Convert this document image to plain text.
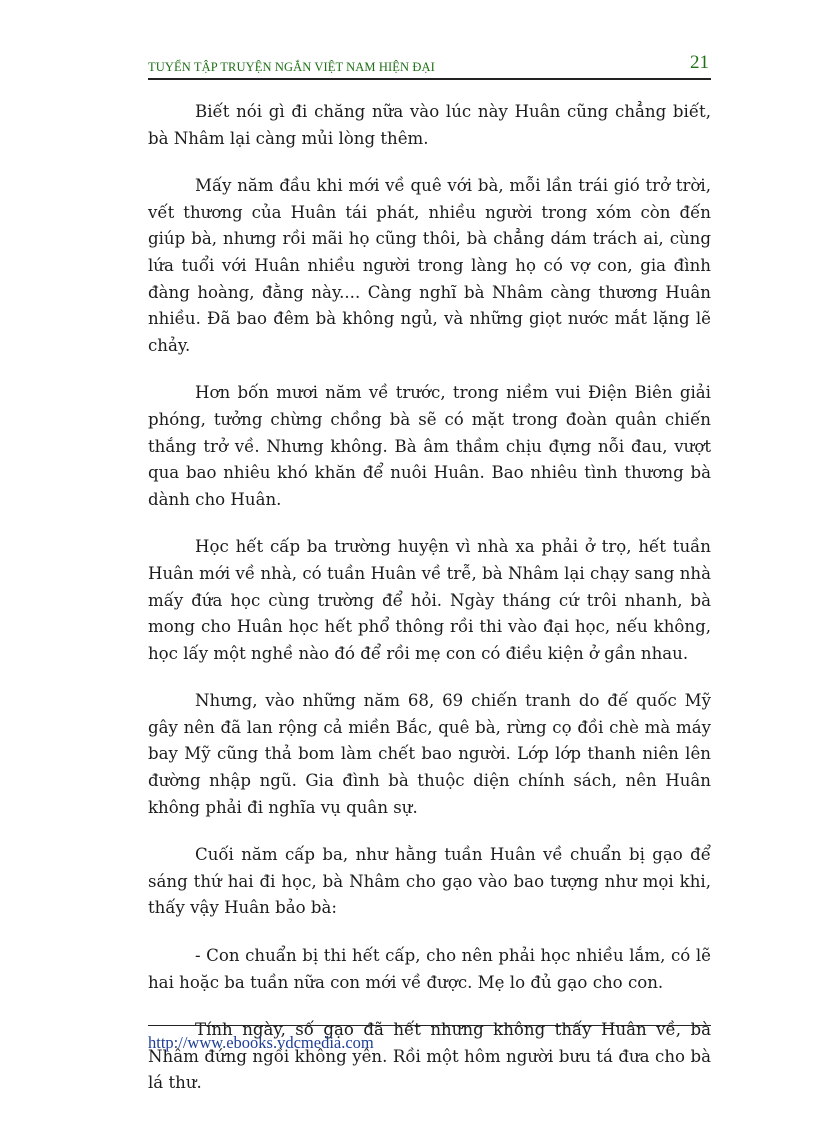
TUYỂN TẬP TRUYỆN NGẮN VIỆT NAM HIỆN ĐẠI	21

Biết nói gì đi chăng nữa vào lúc này Huân cũng chẳng biết, bà Nhâm lại càng mủi lòng thêm.

Mấy năm đầu khi mới về quê với bà, mỗi lần trái gió trở trời, vết thương của Huân tái phát, nhiều người trong xóm còn đến giúp bà, nhưng rồi mãi họ cũng thôi, bà chẳng dám trách ai, cùng lứa tuổi với Huân nhiều người trong làng họ có vợ con, gia đình đàng hoàng, đằng này.... Càng nghĩ bà Nhâm càng thương Huân nhiều. Đã bao đêm bà không ngủ, và những giọt nước mắt lặng lẽ chảy.

Hơn bốn mươi năm về trước, trong niềm vui Điện Biên giải phóng, tưởng chừng chồng bà sẽ có mặt trong đoàn quân chiến thắng trở về. Nhưng không. Bà âm thầm chịu đựng nỗi đau, vượt qua bao nhiêu khó khăn để nuôi Huân. Bao nhiêu tình thương bà dành cho Huân.

Học hết cấp ba trường huyện vì nhà xa phải ở trọ, hết tuần Huân mới về nhà, có tuần Huân về trễ, bà Nhâm lại chạy sang nhà mấy đứa học cùng trường để hỏi. Ngày tháng cứ trôi nhanh, bà mong cho Huân học hết phổ thông rồi thi vào đại học, nếu không, học lấy một nghề nào đó để rồi mẹ con có điều kiện ở gần nhau.

Nhưng, vào những năm 68, 69 chiến tranh do đế quốc Mỹ gây nên đã lan rộng cả miền Bắc, quê bà, rừng cọ đồi chè mà máy bay Mỹ cũng thả bom làm chết bao người. Lớp lớp thanh niên lên đường nhập ngũ. Gia đình bà thuộc diện chính sách, nên Huân không phải đi nghĩa vụ quân sự.

Cuối năm cấp ba, như hằng tuần Huân về chuẩn bị gạo để sáng thứ hai đi học, bà Nhâm cho gạo vào bao tượng như mọi khi, thấy vậy Huân bảo bà:

- Con chuẩn bị thi hết cấp, cho nên phải học nhiều lắm, có lẽ hai hoặc ba tuần nữa con mới về được. Mẹ lo đủ gạo cho con.

Tính ngày, số gạo đã hết nhưng không thấy Huân về, bà Nhâm đứng ngồi không yên. Rồi một hôm người bưu tá đưa cho bà lá thư.

http://www.ebooks.vdcmedia.com
